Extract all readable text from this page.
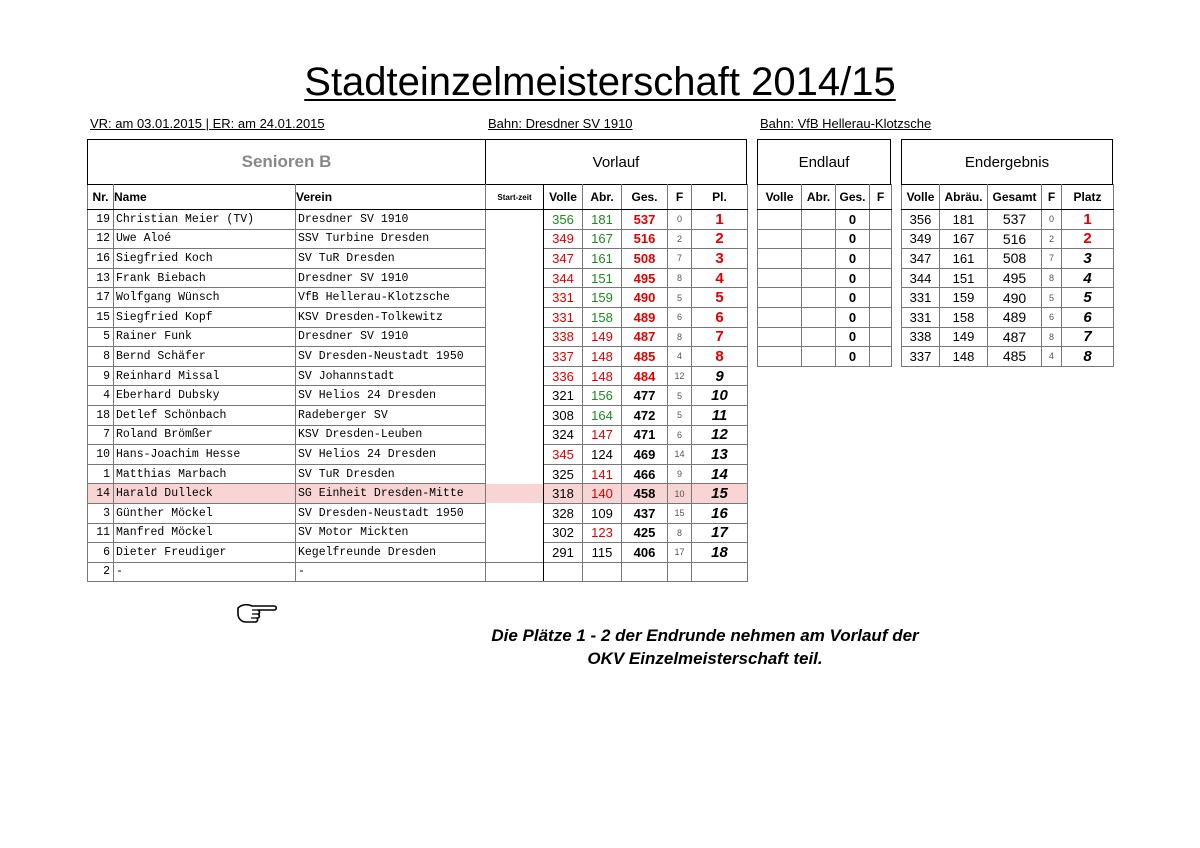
Stadteinzelmeisterschaft 2014/15
VR: am 03.01.2015 | ER: am 24.01.2015	Bahn: Dresdner SV 1910	Bahn: VfB Hellerau-Klotzsche
Senioren B	Vorlauf	Endlauf	Endergebnis
Nr.	Name	Verein	Start-zeit	Volle	Abr.	Ges.	F	Pl.
19	Christian Meier (TV)	Dresdner SV 1910		356	181	537	0	1
12	Uwe Aloé	SSV Turbine Dresden		349	167	516	2	2
16	Siegfried Koch	SV TuR Dresden		347	161	508	7	3
13	Frank Biebach	Dresdner SV 1910		344	151	495	8	4
17	Wolfgang Wünsch	VfB Hellerau-Klotzsche		331	159	490	5	5
15	Siegfried Kopf	KSV Dresden-Tolkewitz		331	158	489	6	6
5	Rainer Funk	Dresdner SV 1910		338	149	487	8	7
8	Bernd Schäfer	SV Dresden-Neustadt 1950		337	148	485	4	8
9	Reinhard Missal	SV Johannstadt		336	148	484	12	9
4	Eberhard Dubsky	SV Helios 24 Dresden		321	156	477	5	10
18	Detlef Schönbach	Radeberger SV		308	164	472	5	11
7	Roland Brömßer	KSV Dresden-Leuben		324	147	471	6	12
10	Hans-Joachim Hesse	SV Helios 24 Dresden		345	124	469	14	13
1	Matthias Marbach	SV TuR Dresden		325	141	466	9	14
14	Harald Dulleck	SG Einheit Dresden-Mitte		318	140	458	10	15
3	Günther Möckel	SV Dresden-Neustadt 1950		328	109	437	15	16
11	Manfred Möckel	SV Motor Mickten		302	123	425	8	17
6	Dieter Freudiger	Kegelfreunde Dresden		291	115	406	17	18
2	-	-						
Volle	Abr.	Ges.	F
		0	
		0	
		0	
		0	
		0	
		0	
		0	
		0	
Volle	Abräu.	Gesamt	F	Platz
356	181	537	0	1
349	167	516	2	2
347	161	508	7	3
344	151	495	8	4
331	159	490	5	5
331	158	489	6	6
338	149	487	8	7
337	148	485	4	8
Die Plätze 1 - 2 der Endrunde nehmen am Vorlauf der
OKV Einzelmeisterschaft teil.
